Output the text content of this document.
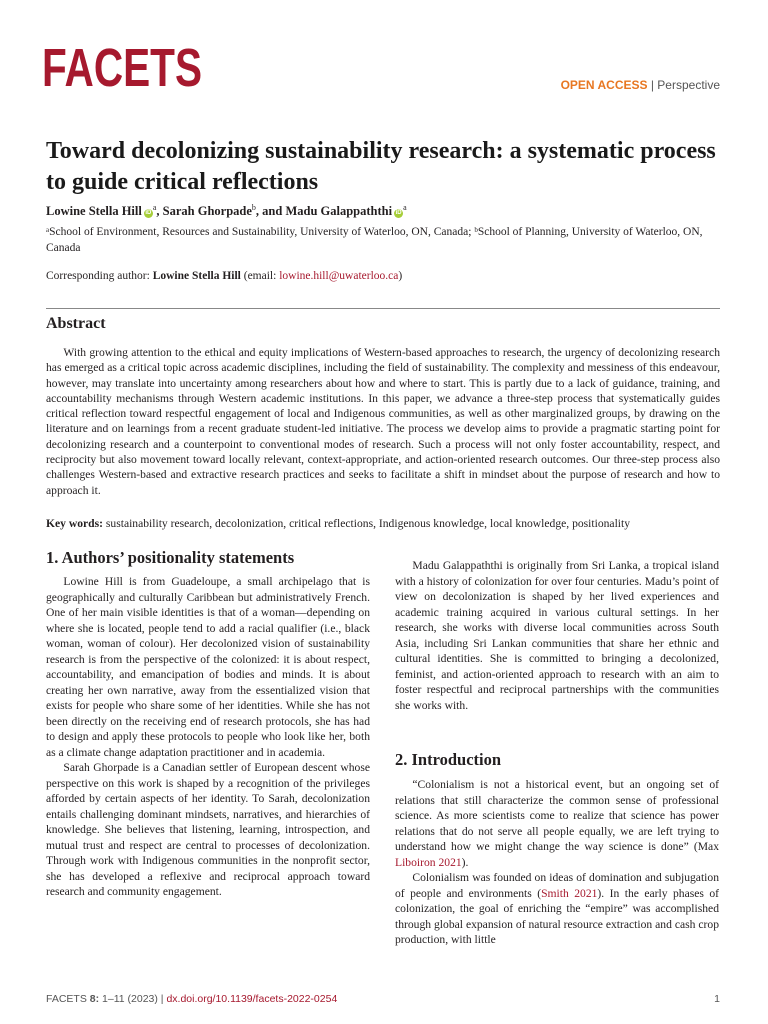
FACETS	OPEN ACCESS | Perspective
Toward decolonizing sustainability research: a systematic process to guide critical reflections
Lowine Stella Hill $iD^a$, Sarah Ghorpade$^b$, and Madu Galappaththi $iD^a$

ᵃSchool of Environment, Resources and Sustainability, University of Waterloo, ON, Canada; ᵇSchool of Planning, University of Waterloo, ON, Canada

Corresponding author: Lowine Stella Hill (email: lowine.hill@uwaterloo.ca)
Abstract

With growing attention to the ethical and equity implications of Western-based approaches to research, the urgency of decolonizing research has emerged as a critical topic across academic disciplines, including the field of sustainability. The complexity and messiness of this endeavour, however, may translate into uncertainty among researchers about how and where to start. This is partly due to a lack of guidance, training, and accountability mechanisms through Western academic institutions. In this paper, we advance a three-step process that systematically guides critical reflection toward respectful engagement of local and Indigenous communities, as well as other marginalized groups, by drawing on the literature and on learnings from a recent graduate student-led initiative. The process we develop aims to provide a pragmatic starting point for decolonizing research and a counterpoint to conventional modes of research. Such a process will not only foster accountability, respect, and reciprocity but also movement toward locally relevant, context-appropriate, and action-oriented research outcomes. Our three-step process also challenges Western-based and extractive research practices and seeks to facilitate a shift in mindset about the purpose of research and how to approach it.

Key words: sustainability research, decolonization, critical reflections, Indigenous knowledge, local knowledge, positionality

1. Authors’ positionality statements

Lowine Hill is from Guadeloupe, a small archipelago that is geographically and culturally Caribbean but administratively French. One of her main visible identities is that of a woman—depending on where she is located, people tend to add a racial qualifier (i.e., black woman, woman of colour). Her decolonized vision of sustainability research is from the perspective of the colonized: it is about respect, accountability, and emancipation of bodies and minds. It is about creating her own narrative, away from the essentialized vision that exists for people who share some of her identities. While she has not been directly on the receiving end of research protocols, she has had to design and apply these protocols to people who look like her, both as a climate change adaptation practitioner and in academia.

Sarah Ghorpade is a Canadian settler of European descent whose perspective on this work is shaped by a recognition of the privileges afforded by certain aspects of her identity. To Sarah, decolonization entails challenging dominant mindsets, narratives, and hierarchies of knowledge. She believes that listening, learning, introspection, and mutual trust and respect are central to processes of decolonization. Through work with Indigenous communities in the nonprofit sector, she has developed a reflexive and reciprocal approach toward research and community engagement.

Madu Galappaththi is originally from Sri Lanka, a tropical island with a history of colonization for over four centuries. Madu’s point of view on decolonization is shaped by her lived experiences and academic training acquired in various cultural settings. In her research, she works with diverse local communities across South Asia, including Sri Lankan communities that share her ethnic and cultural identities. She is committed to bringing a decolonized, feminist, and action-oriented approach to research with an aim to foster respectful and reciprocal partnerships with the communities she works with.

2. Introduction

“Colonialism is not a historical event, but an ongoing set of relations that still characterize the common sense of professional science. As more scientists come to realize that science has power relations that do not serve all people equally, we are left trying to understand how we might change the way science is done” (Max Liboiron 2021).

Colonialism was founded on ideas of domination and subjugation of people and environments (Smith 2021). In the early phases of colonization, the goal of enriching the “empire” was accomplished through global expansion of natural resource extraction and cash crop production, with little

FACETS 8: 1–11 (2023) | dx.doi.org/10.1139/facets-2022-0254	1
